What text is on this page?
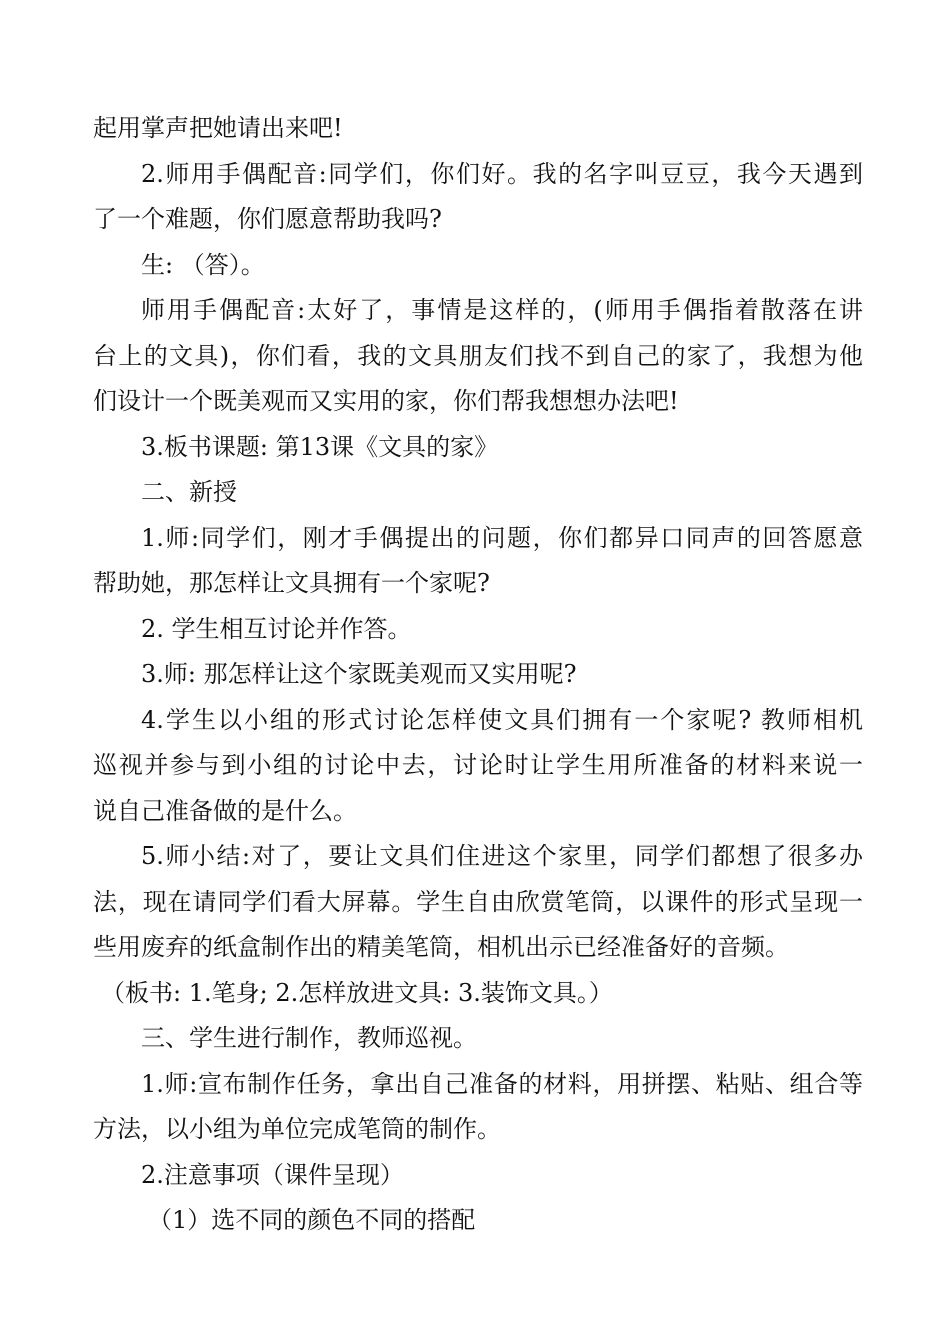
起用掌声把她请出来吧!
2.师用手偶配音:同学们，你们好。我的名字叫豆豆，我今天遇到
了一个难题，你们愿意帮助我吗?
生: （答）。
师用手偶配音:太好了，事情是这样的，(师用手偶指着散落在讲
台上的文具)，你们看，我的文具朋友们找不到自己的家了，我想为他
们设计一个既美观而又实用的家，你们帮我想想办法吧!
3.板书课题: 第13课《文具的家》
二、新授
1.师:同学们，刚才手偶提出的问题，你们都异口同声的回答愿意
帮助她，那怎样让文具拥有一个家呢?
2. 学生相互讨论并作答。
3.师: 那怎样让这个家既美观而又实用呢?
4.学生以小组的形式讨论怎样使文具们拥有一个家呢? 教师相机
巡视并参与到小组的讨论中去，讨论时让学生用所准备的材料来说一
说自己准备做的是什么。
5.师小结:对了，要让文具们住进这个家里，同学们都想了很多办
法，现在请同学们看大屏幕。学生自由欣赏笔筒，以课件的形式呈现一
些用废弃的纸盒制作出的精美笔筒，相机出示已经准备好的音频。
（板书: 1.笔身; 2.怎样放进文具: 3.装饰文具。）
三、学生进行制作，教师巡视。
1.师:宣布制作任务，拿出自己准备的材料，用拼摆、粘贴、组合等
方法，以小组为单位完成笔筒的制作。
2.注意事项（课件呈现）
（1）选不同的颜色不同的搭配
